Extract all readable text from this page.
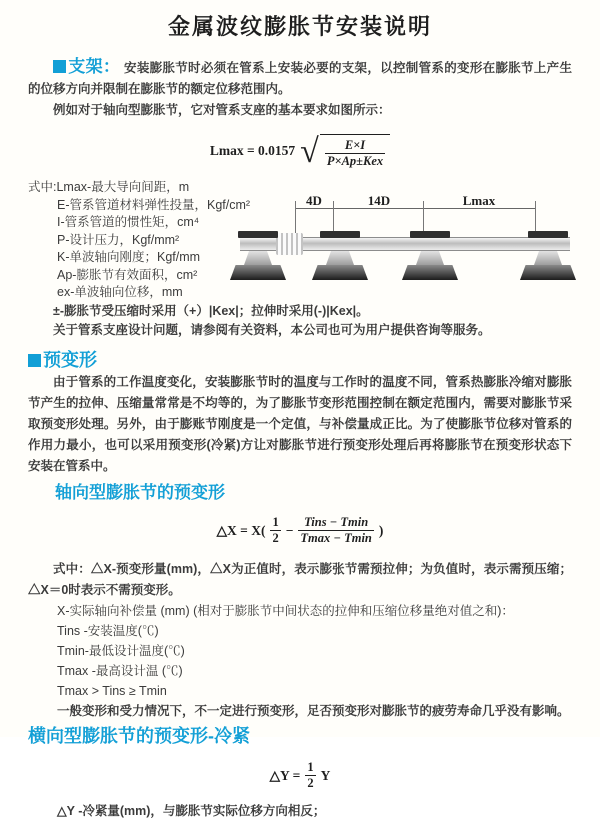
金属波纹膨胀节安装说明

支架： 安装膨胀节时必须在管系上安装必要的支架，以控制管系的变形在膨胀节上产生的位移方向并限制在膨胀节的额定位移范围内。

例如对于轴向型膨胀节，它对管系支座的基本要求如图所示：

Lmax = 0.0157 √ $\frac{E\times I}{\text{P×Ap±Kex}}$
式中:Lmax-最大导向间距，m
E-管系管道材料弹性投量，Kgf/cm²
I-管系管道的惯性矩，cm⁴
P-设计压力，Kgf/mm²
K-单波轴向刚度；Kgf/mm
Ap-膨胀节有效面积，cm²
ex-单波轴向位移，mm

±-膨胀节受压缩时采用（+）|Kex|；拉伸时采用(-)|Kex|。

关于管系支座设计问题，请参阅有关资料，本公司也可为用户提供咨询等服务。

预变形

由于管系的工作温度变化，安装膨胀节时的温度与工作时的温度不同，管系热膨胀冷缩对膨胀节产生的拉伸、压缩量常常是不均等的，为了膨胀节变形范围控制在额定范围内，需要对膨胀节采取预变形处理。另外，由于膨账节刚度是一个定值，与补偿量成正比。为了使膨胀节位移对管系的作用力最小，也可以采用预变形(冷紧)方让对膨胀节进行预变形处理后再将膨胀节在预变形状态下安装在管系中。

轴向型膨胀节的预变形
△X = $X( \frac{1}{2} - \frac{\text{Tins − Tmin}}{Tmax - Tmin}$ )

式中：△X-预变形量(mm)，△X为正值时，表示膨张节需预拉伸；为负值时，表示需预压缩；△X＝0时表示不需预变形。

X-实际轴向补偿量 (mm) (相对于膨胀节中间状态的拉伸和压缩位移量绝对值之和)：
Tins -安装温度(℃)
Tmin-最低设计温度(℃)
Tmax -最高设计温 (℃)
Tmax > Tins ≥ Tmin
一般变形和受力情况下，不一定进行预变形，足否预变形对膨胀节的疲劳寿命几乎没有影响。
横向型膨胀节的预变形-冷紧
△Y = $\frac{1}{2}$ Y
△Y -冷紧量(mm)，与膨胀节实际位移方向相反；
4D	14D	Lmax
